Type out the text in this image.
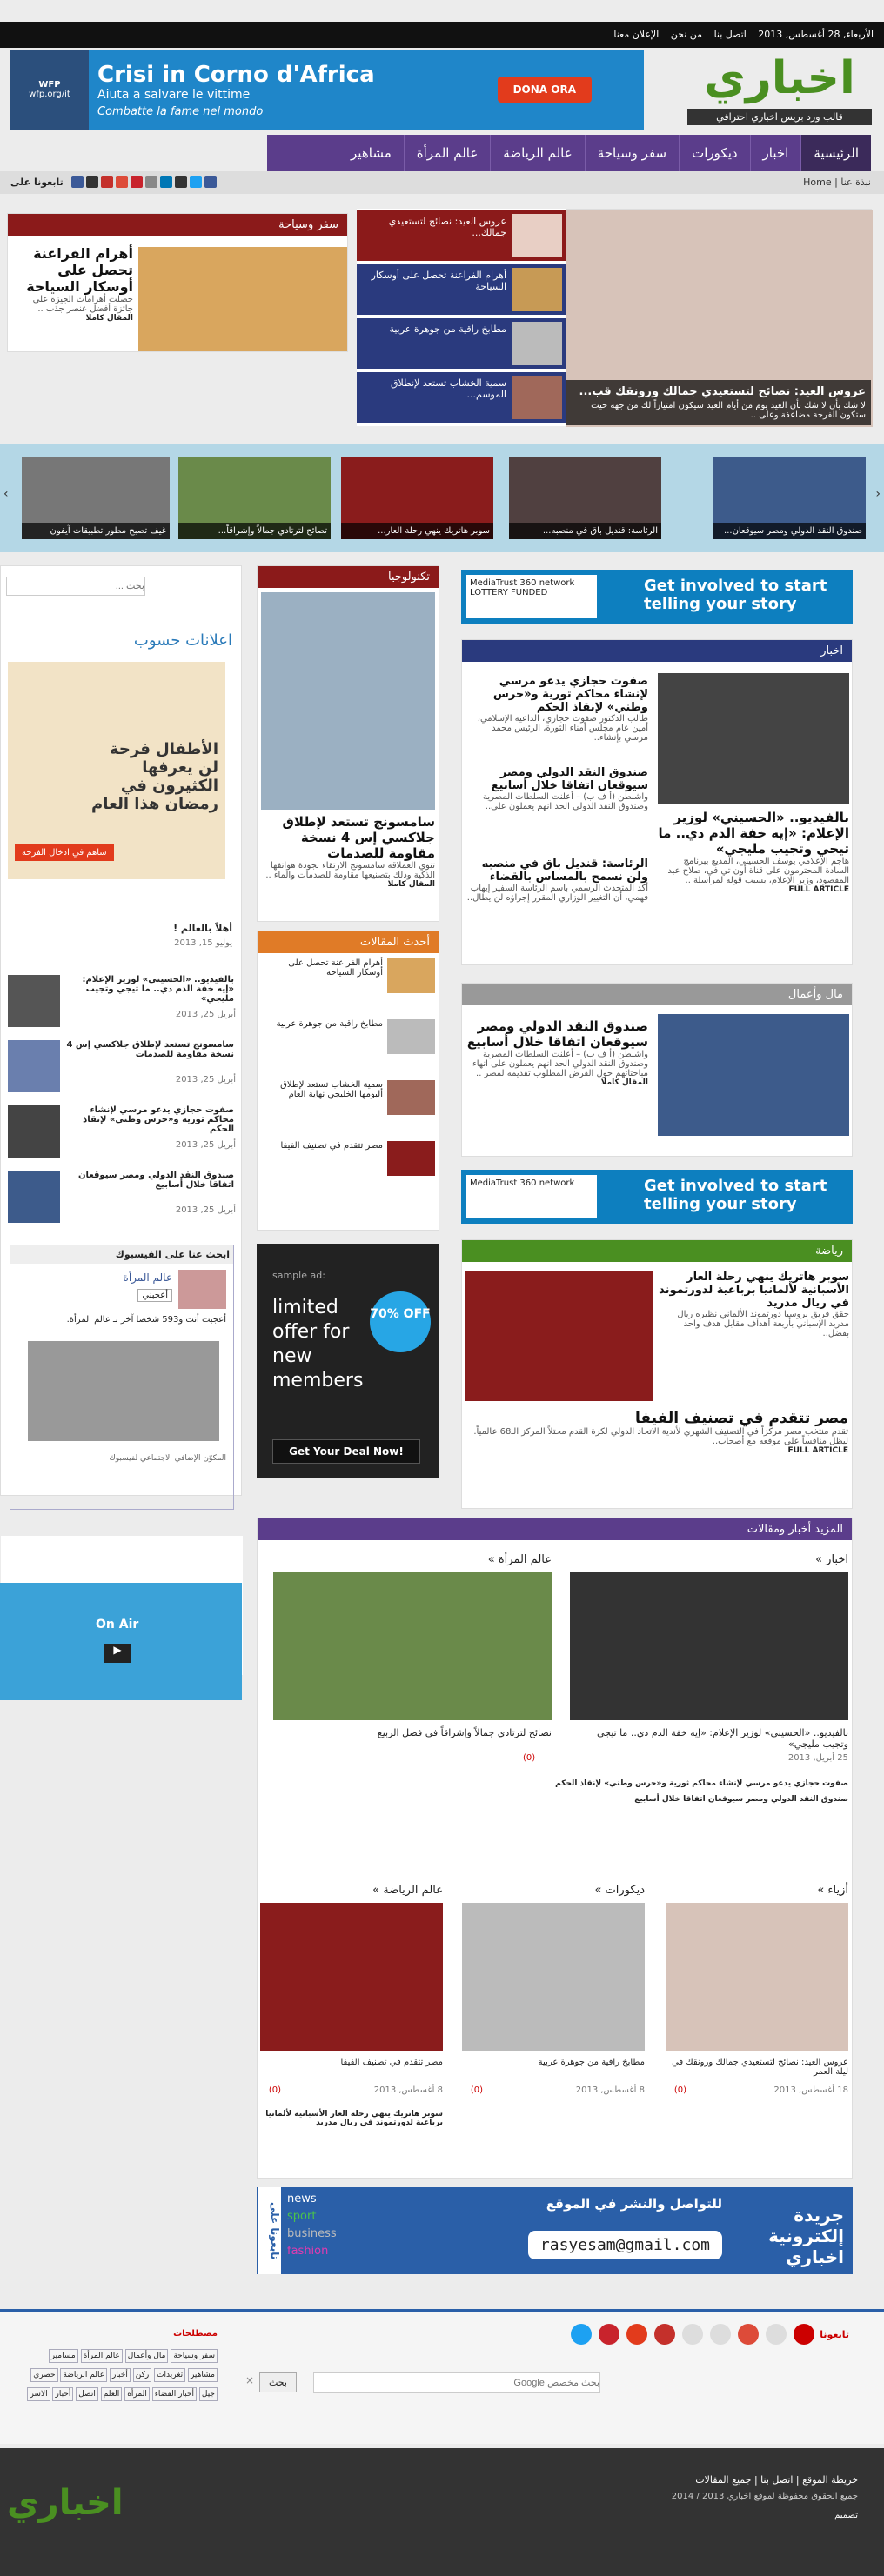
الأربعاء, 28 أغسطس, 2013 اتصل بنا من نحن الإعلان معنا
WFP
wfp.org/it
Crisi in Corno d'Africa
Aiuta a salvare le vittime
Combatte la fame nel mondo
DONA ORA	اخباري
قالب ورد بريس اخباري احترافي
الرئيسية
اخبار
ديكورات
سفر وسياحة
عالم الرياضة
عالم المرأة
مشاهير
نبذة عنا | Home
تابعونا على
عروس العيد: نصائح لتستعيدي جمالك ورونقك قب...
لا شك بأن لا شك بأن العيد يوم من أيام العيد سيكون امتيازاً لك من جهة حيث ستكون الفرحة مضاعفة وعلى ..
عروس العيد: نصائح لتستعيدي جمالك...
أهرام الفراعنة تحصل على أوسكار السياحة
مطابخ راقية من جوهرة عربية
سمية الخشاب تستعد لإنطلاق الموسم...
سفر وسياحة
أهرام الفراعنة تحصل على أوسكار السياحة
حصلت أهرامات الجيزة على جائزة أفضل عنصر جذب ..
المقال كاملا
‹	›
صندوق النقد الدولي ومصر سيوقعان...
الرئاسة: قنديل باق في منصبه...
سوبر هاتريك ينهي رحلة العار...
تصائح لترتادي جمالاً وإشراقاً...
غيف تصبح مطور تطبيقات آيفون
بحث ...
اعلانات حسوب
الأطفال فرحة لن يعرفها الكثيرون في رمضان هذا العام
ساهم في ادخال الفرحة
أهلاً بالعالم !
يوليو 15, 2013
بالفيديو.. «الحسيني» لوزير الإعلام: «إيه خفة الدم دي.. ما تيجي وتجيب مليجي»
أبريل 25, 2013
سامسونج تستعد لإطلاق جلاكسي إس 4 نسخة مقاومة للصدمات
أبريل 25, 2013
صفوت حجازي يدعو مرسي لإنشاء محاكم ثورية و«حرس وطني» لإنقاذ الحكم
أبريل 25, 2013
صندوق النقد الدولي ومصر سيوقعان اتفاقا خلال أسابيع
أبريل 25, 2013
ابحث عنا على الفيسبوك
عالم المرأة
أعجبني
أعجبت أنت و593 شخصا آخر بـ عالم المرأة.
المكوّن الإضافي الاجتماعي لفيسبوك
On Air
▶
تكنولوجيا
سامسونج تستعد لإطلاق جلاكسي إس 4 نسخة مقاومة للصدمات
تنوي العملاقة سامسونج الارتقاء بجودة هواتفها الذكية وذلك بتصنيعها مقاومة للصدمات والماء ..
المقال كاملا
أحدث المقالات
أهرام الفراعنة تحصل على أوسكار السياحة
مطابخ راقية من جوهرة عربية
سمية الخشاب تستعد لإطلاق ألبومها الخليجي نهاية العام
مصر تتقدم في تصنيف الفيفا
sample ad:
limited offer for new members
70% OFF
Get Your Deal Now!
MediaTrust 360 network
LOTTERY FUNDED	Get involved to start telling your story
اخبار
بالفيديو.. «الحسيني» لوزير الإعلام: «إيه خفة الدم دي.. ما تيجي وتجيب مليجي»
هاجم الإعلامي يوسف الحسيني، المذيع ببرنامج السادة المحترمون على قناة أون تي في، صلاح عبد المقصود، وزير الإعلام، بسبب قوله لمراسلة ..
FULL ARTICLE
صفوت حجازي يدعو مرسي لإنشاء محاكم ثورية و«حرس وطني» لإنقاذ الحكم
طالب الدكتور صفوت حجازي، الداعية الإسلامي، أمين عام مجلس أمناء الثورة، الرئيس محمد مرسي بإنشاء..
صندوق النقد الدولي ومصر سيوقعان اتفاقا خلال أسابيع
واشنطن (أ ف ب) – أعلنت السلطات المصرية وصندوق النقد الدولي الحد انهم يعملون على..
الرئاسة: قنديل باق في منصبه ولن نسمح بالمساس بالقضاء
أكد المتحدث الرسمي باسم الرئاسة السفير إيهاب فهمي، أن التغيير الوزاري المقرر إجراؤه لن يطال..
مال وأعمال
صندوق النقد الدولي ومصر سيوقعان اتفاقا خلال أسابيع
واشنطن (أ ف ب) – أعلنت السلطات المصرية وصندوق النقد الدولي الحد انهم يعملون على انهاء مباحثاتهم حول القرض المطلوب تقديمه لمصر ..
المقال كاملا
MediaTrust 360 network	Get involved to start telling your story
رياضة
سوبر هاتريك ينهي رحلة العار الأسبانية لألمانيا برباعية لدورتموند في ريال مدريد
حقق فريق بروسيا دورتموند الألماني نظيره ريال مدريد الإسباني بأربعة أهداف مقابل هدف واحد بفضل..
مصر تتقدم في تصنيف الفيفا
تقدم منتخب مصر مركزاً في التصنيف الشهري لأندية الاتحاد الدولي لكرة القدم محتلاً المركز الـ68 عالمياً. ليظل منافساً على موقعه مع أصحاب..
FULL ARTICLE
المزيد أخبار ومقالات
اخبار »
بالفيديو.. «الحسيني» لوزير الإعلام: «إيه خفة الدم دي.. ما تيجي وتجيب مليجي»
25 أبريل, 2013
(0)
صفوت حجازي يدعو مرسي لإنشاء محاكم ثورية و«حرس وطني» لإنقاذ الحكم
صندوق النقد الدولي ومصر سيوقعان اتفاقا خلال أسابيع
عالم المرأة »
نصائح لترتادي جمالاً وإشراقاً في فصل الربيع
أزياء »
عروس العيد: نصائح لتستعيدي جمالك ورونقك في ليلة العمر
18 أغسطس, 2013
(0)
ديكورات »
مطابخ راقية من جوهرة عربية
8 أغسطس, 2013
(0)
عالم الرياضة »
مصر تتقدم في تصنيف الفيفا
8 أغسطس, 2013
(0)
سوبر هاتريك ينهي رحلة العار الأسبانية لألمانيا برباعية لدورتموند في ريال مدريد
تابعونا على
news
sport
business
fashion
للتواصل والنشر في الموقع
rasyesam@gmail.com
جريدة إلكترونية اخباري
تابعونا
بحث مخصص Google
بحث
×
مصطلحات
سفر وسياحة مال وأعمال عالم المرأة مسامير مشاهير تغريدات ركن أخبار عالم الرياضة حصري جيل أخبار الفضاء المرأة العلم اتصل أخبار الاسر
اخباري
خريطة الموقع | اتصل بنا | جميع المقالات
جميع الحقوق محفوظة لموقع اخباري 2013 / 2014
تصميم
